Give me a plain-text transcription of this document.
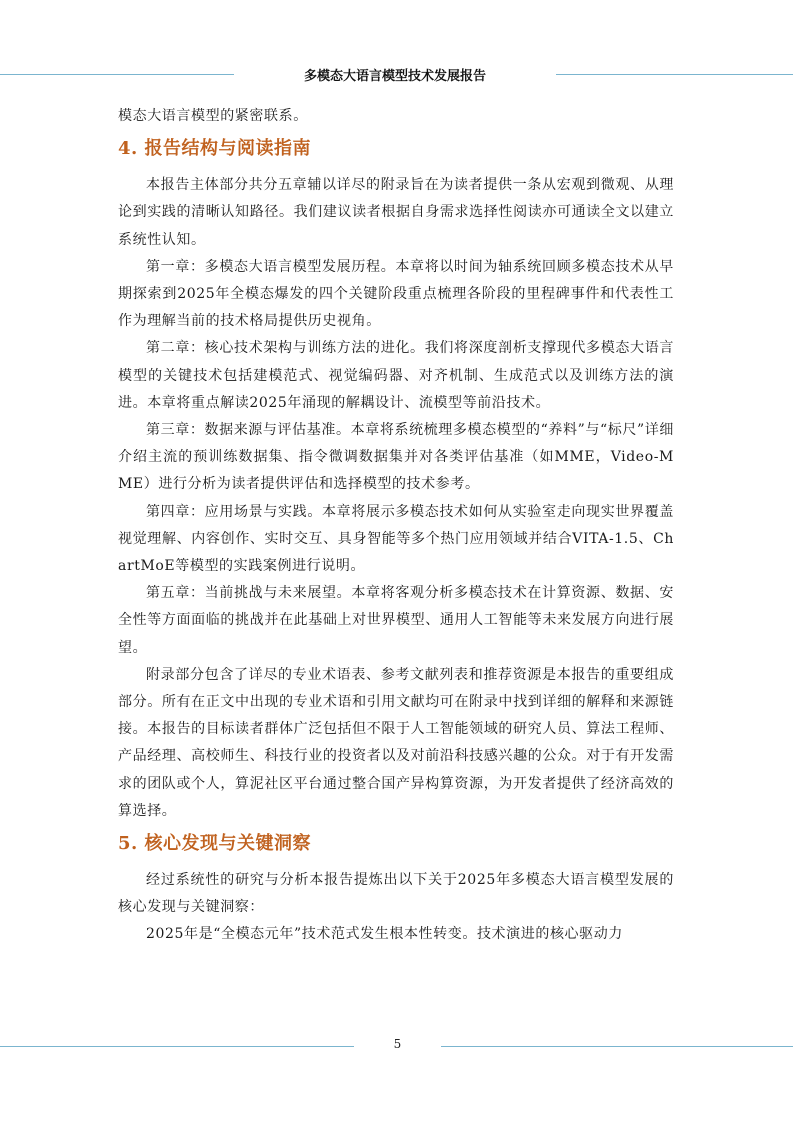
多模态大语言模型技术发展报告

模态大语言模型的紧密联系。

4. 报告结构与阅读指南

本报告主体部分共分五章辅以详尽的附录旨在为读者提供一条从宏观到微观、从理论到实践的清晰认知路径。我们建议读者根据自身需求选择性阅读亦可通读全文以建立系统性认知。

第一章：多模态大语言模型发展历程。本章将以时间为轴系统回顾多模态技术从早期探索到2025年全模态爆发的四个关键阶段重点梳理各阶段的里程碑事件和代表性工作为理解当前的技术格局提供历史视角。

第二章：核心技术架构与训练方法的进化。我们将深度剖析支撑现代多模态大语言模型的关键技术包括建模范式、视觉编码器、对齐机制、生成范式以及训练方法的演进。本章将重点解读2025年涌现的解耦设计、流模型等前沿技术。

第三章：数据来源与评估基准。本章将系统梳理多模态模型的“养料”与“标尺”详细介绍主流的预训练数据集、指令微调数据集并对各类评估基准（如MME，Video-MME）进行分析为读者提供评估和选择模型的技术参考。

第四章：应用场景与实践。本章将展示多模态技术如何从实验室走向现实世界覆盖视觉理解、内容创作、实时交互、具身智能等多个热门应用领域并结合VITA-1.5、ChartMoE等模型的实践案例进行说明。

第五章：当前挑战与未来展望。本章将客观分析多模态技术在计算资源、数据、安全性等方面面临的挑战并在此基础上对世界模型、通用人工智能等未来发展方向进行展望。

附录部分包含了详尽的专业术语表、参考文献列表和推荐资源是本报告的重要组成部分。所有在正文中出现的专业术语和引用文献均可在附录中找到详细的解释和来源链接。本报告的目标读者群体广泛包括但不限于人工智能领域的研究人员、算法工程师、产品经理、高校师生、科技行业的投资者以及对前沿科技感兴趣的公众。对于有开发需求的团队或个人，算泥社区平台通过整合国产异构算资源，为开发者提供了经济高效的算选择。

5. 核心发现与关键洞察

经过系统性的研究与分析本报告提炼出以下关于2025年多模态大语言模型发展的核心发现与关键洞察：

2025年是“全模态元年”技术范式发生根本性转变。技术演进的核心驱动力

5
